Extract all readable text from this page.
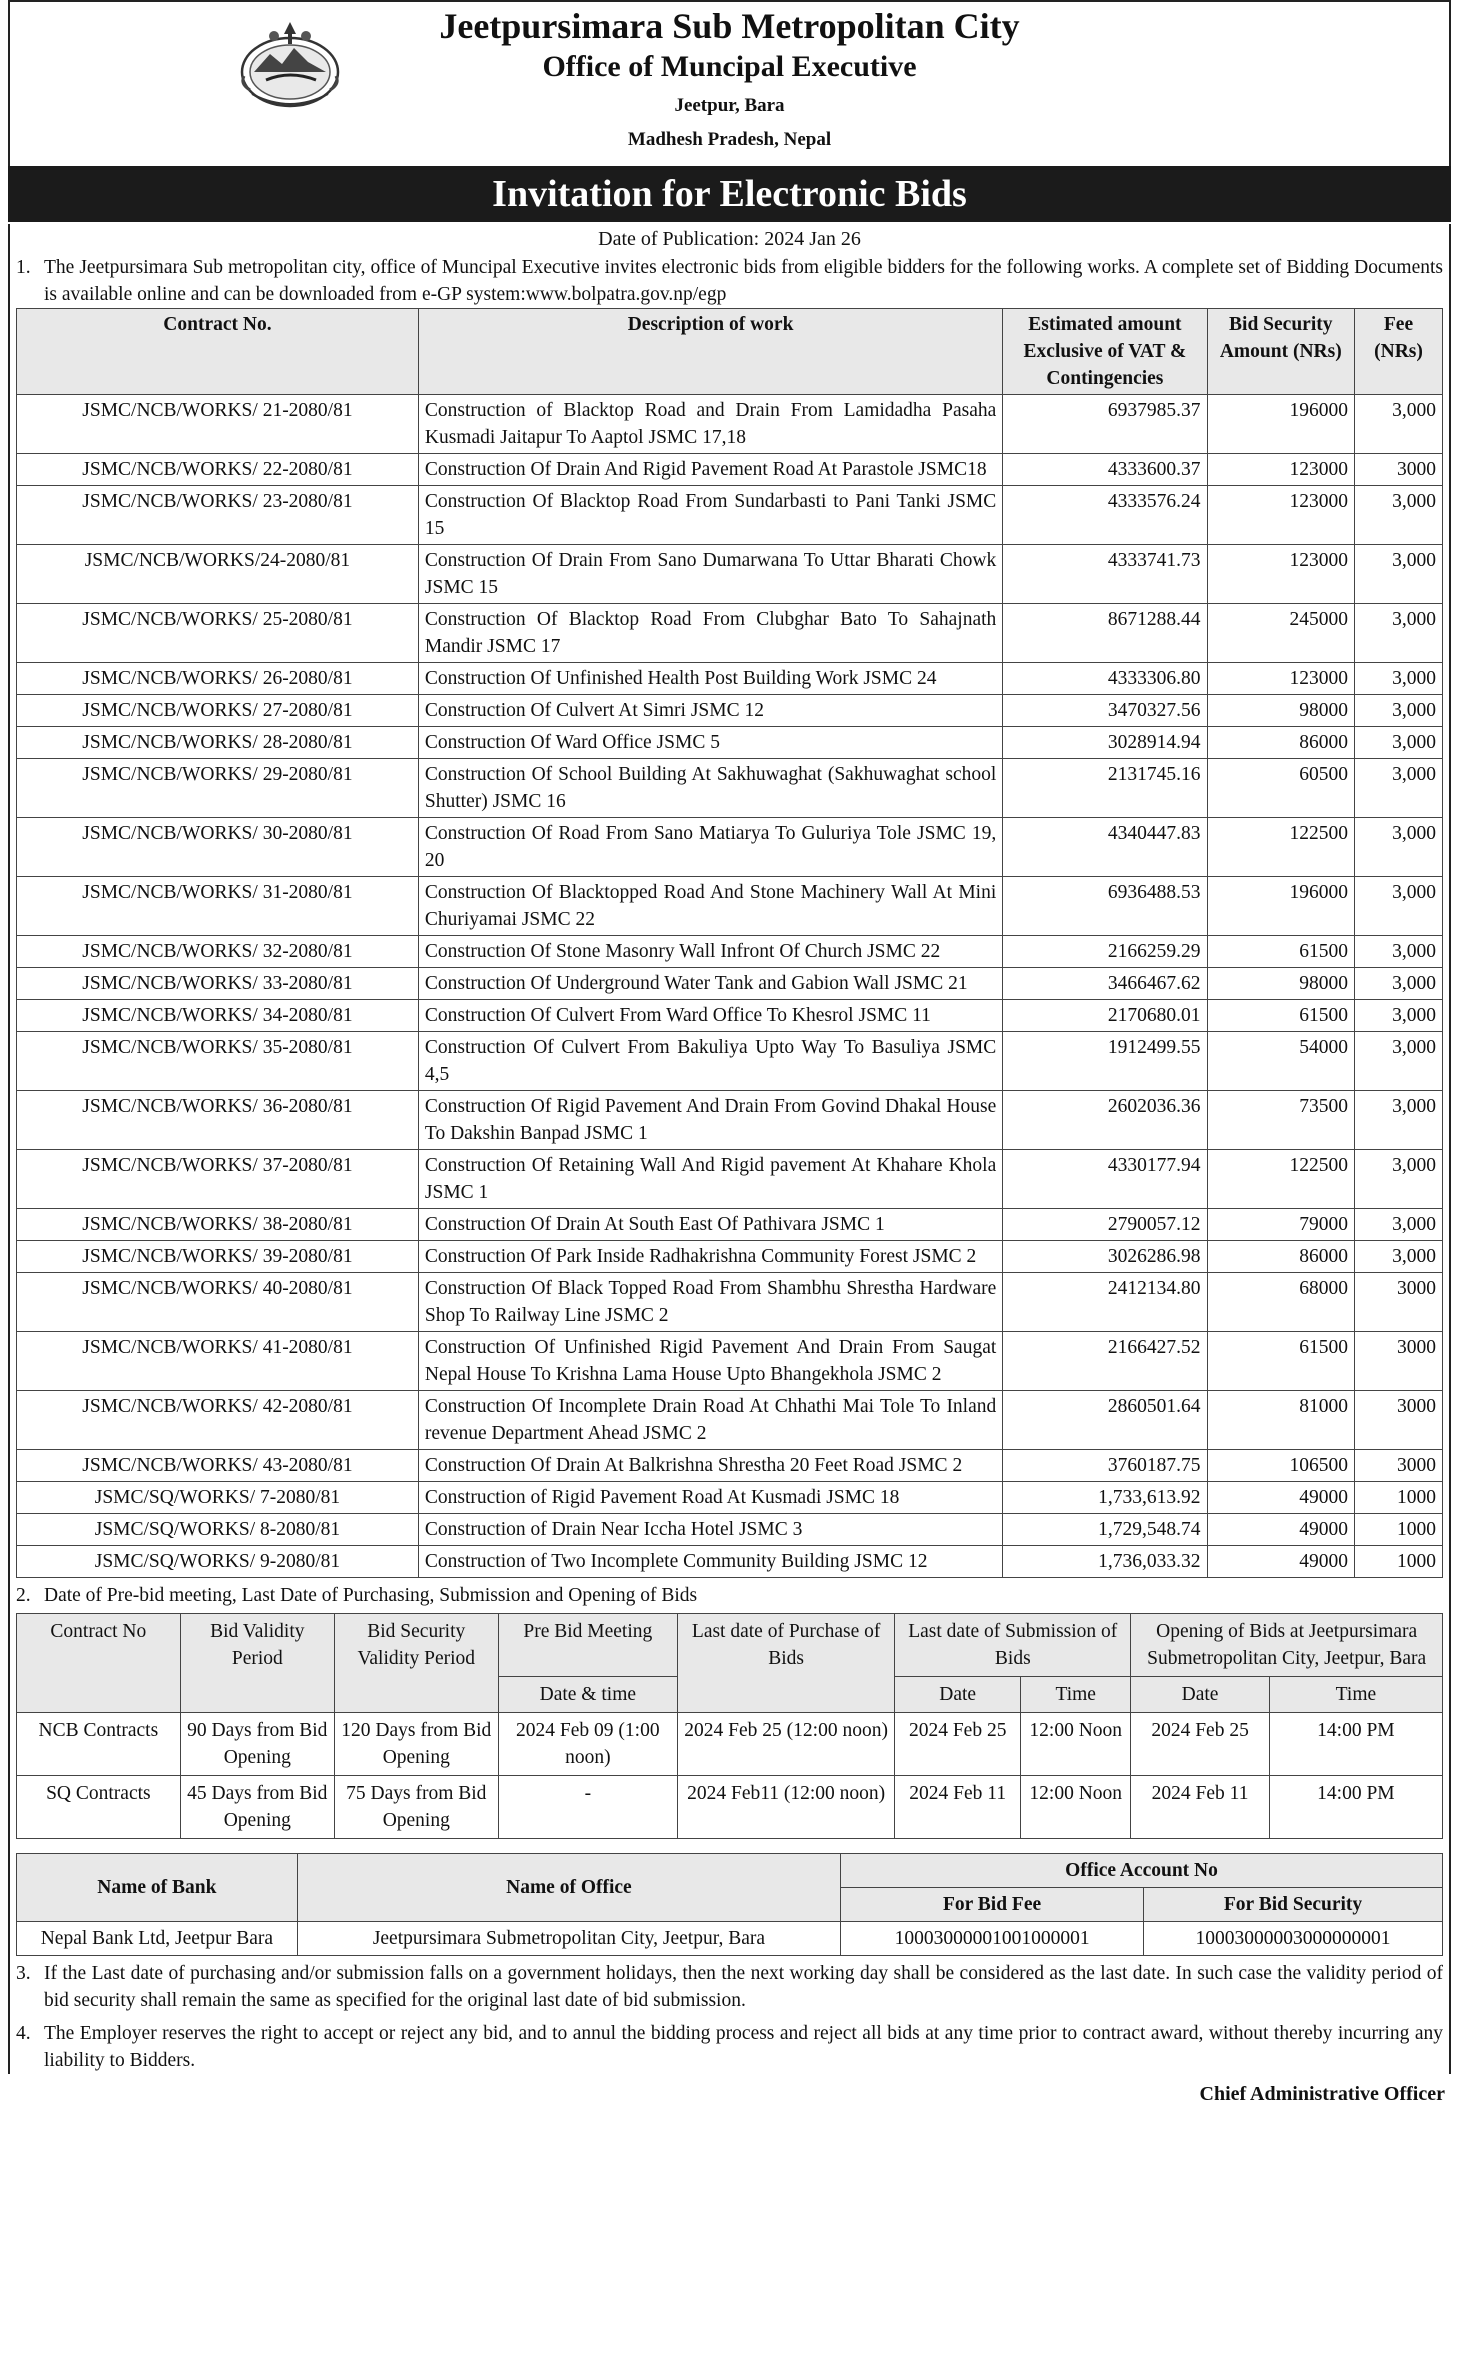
Jeetpursimara Sub Metropolitan City
Office of Muncipal Executive
Jeetpur, Bara
Madhesh Pradesh, Nepal
Invitation for Electronic Bids
Date of Publication: 2024 Jan 26
1. The Jeetpursimara Sub metropolitan city, office of Muncipal Executive invites electronic bids from eligible bidders for the following works. A complete set of Bidding Documents is available online and can be downloaded from e-GP system:www.bolpatra.gov.np/egp
Contract No.	Description of work	Estimated amount Exclusive of VAT & Contingencies	Bid Security Amount (NRs)	Fee (NRs)
JSMC/NCB/WORKS/ 21-2080/81	Construction of Blacktop Road and Drain From Lamidadha Pasaha Kusmadi Jaitapur To Aaptol JSMC 17,18	6937985.37	196000	3,000
JSMC/NCB/WORKS/ 22-2080/81	Construction Of Drain And Rigid Pavement Road At Parastole JSMC18	4333600.37	123000	3000
JSMC/NCB/WORKS/ 23-2080/81	Construction Of Blacktop Road From Sundarbasti to Pani Tanki JSMC 15	4333576.24	123000	3,000
JSMC/NCB/WORKS/24-2080/81	Construction Of Drain From Sano Dumarwana To Uttar Bharati Chowk JSMC 15	4333741.73	123000	3,000
JSMC/NCB/WORKS/ 25-2080/81	Construction Of Blacktop Road From Clubghar Bato To Sahajnath Mandir JSMC 17	8671288.44	245000	3,000
JSMC/NCB/WORKS/ 26-2080/81	Construction Of Unfinished Health Post Building Work JSMC 24	4333306.80	123000	3,000
JSMC/NCB/WORKS/ 27-2080/81	Construction Of Culvert At Simri JSMC 12	3470327.56	98000	3,000
JSMC/NCB/WORKS/ 28-2080/81	Construction Of Ward Office JSMC 5	3028914.94	86000	3,000
JSMC/NCB/WORKS/ 29-2080/81	Construction Of School Building At Sakhuwaghat (Sakhuwaghat school Shutter) JSMC 16	2131745.16	60500	3,000
JSMC/NCB/WORKS/ 30-2080/81	Construction Of Road From Sano Matiarya To Guluriya Tole JSMC 19, 20	4340447.83	122500	3,000
JSMC/NCB/WORKS/ 31-2080/81	Construction Of Blacktopped Road And Stone Machinery Wall At Mini Churiyamai JSMC 22	6936488.53	196000	3,000
JSMC/NCB/WORKS/ 32-2080/81	Construction Of Stone Masonry Wall Infront Of Church JSMC 22	2166259.29	61500	3,000
JSMC/NCB/WORKS/ 33-2080/81	Construction Of Underground Water Tank and Gabion Wall JSMC 21	3466467.62	98000	3,000
JSMC/NCB/WORKS/ 34-2080/81	Construction Of Culvert From Ward Office To Khesrol JSMC 11	2170680.01	61500	3,000
JSMC/NCB/WORKS/ 35-2080/81	Construction Of Culvert From Bakuliya Upto Way To Basuliya JSMC 4,5	1912499.55	54000	3,000
JSMC/NCB/WORKS/ 36-2080/81	Construction Of Rigid Pavement And Drain From Govind Dhakal House To Dakshin Banpad JSMC 1	2602036.36	73500	3,000
JSMC/NCB/WORKS/ 37-2080/81	Construction Of Retaining Wall And Rigid pavement At Khahare Khola JSMC 1	4330177.94	122500	3,000
JSMC/NCB/WORKS/ 38-2080/81	Construction Of Drain At South East Of Pathivara JSMC 1	2790057.12	79000	3,000
JSMC/NCB/WORKS/ 39-2080/81	Construction Of Park Inside Radhakrishna Community Forest JSMC 2	3026286.98	86000	3,000
JSMC/NCB/WORKS/ 40-2080/81	Construction Of Black Topped Road From Shambhu Shrestha Hardware Shop To Railway Line JSMC 2	2412134.80	68000	3000
JSMC/NCB/WORKS/ 41-2080/81	Construction Of Unfinished Rigid Pavement And Drain From Saugat Nepal House To Krishna Lama House Upto Bhangekhola JSMC 2	2166427.52	61500	3000
JSMC/NCB/WORKS/ 42-2080/81	Construction Of Incomplete Drain Road At Chhathi Mai Tole To Inland revenue Department Ahead JSMC 2	2860501.64	81000	3000
JSMC/NCB/WORKS/ 43-2080/81	Construction Of Drain At Balkrishna Shrestha 20 Feet Road JSMC 2	3760187.75	106500	3000
JSMC/SQ/WORKS/ 7-2080/81	Construction of Rigid Pavement Road At Kusmadi JSMC 18	1,733,613.92	49000	1000
JSMC/SQ/WORKS/ 8-2080/81	Construction of Drain Near Iccha Hotel JSMC 3	1,729,548.74	49000	1000
JSMC/SQ/WORKS/ 9-2080/81	Construction of Two Incomplete Community Building JSMC 12	1,736,033.32	49000	1000
2. Date of Pre-bid meeting, Last Date of Purchasing, Submission and Opening of Bids
Contract No	Bid Validity Period	Bid Security Validity Period	Pre Bid Meeting	Last date of Purchase of Bids	Last date of Submission of Bids		Opening of Bids at Jeetpursimara Submetropolitan City, Jeetpur, Bara	
			Date & time		Date	Time	Date	Time
NCB Contracts	90 Days from Bid Opening	120 Days from Bid Opening	2024 Feb 09 (1:00 noon)	2024 Feb 25 (12:00 noon)	2024 Feb 25	12:00 Noon	2024 Feb 25	14:00 PM
SQ Contracts	45 Days from Bid Opening	75 Days from Bid Opening	-	2024 Feb11 (12:00 noon)	2024 Feb 11	12:00 Noon	2024 Feb 11	14:00 PM
Name of Bank	Name of Office	Office Account No	
		For Bid Fee	For Bid Security
Nepal Bank Ltd, Jeetpur Bara	Jeetpursimara Submetropolitan City, Jeetpur, Bara	10003000001001000001	10003000003000000001
3. If the Last date of purchasing and/or submission falls on a government holidays, then the next working day shall be considered as the last date. In such case the validity period of bid security shall remain the same as specified for the original last date of bid submission.
4. The Employer reserves the right to accept or reject any bid, and to annul the bidding process and reject all bids at any time prior to contract award, without thereby incurring any liability to Bidders.
Chief Administrative Officer
